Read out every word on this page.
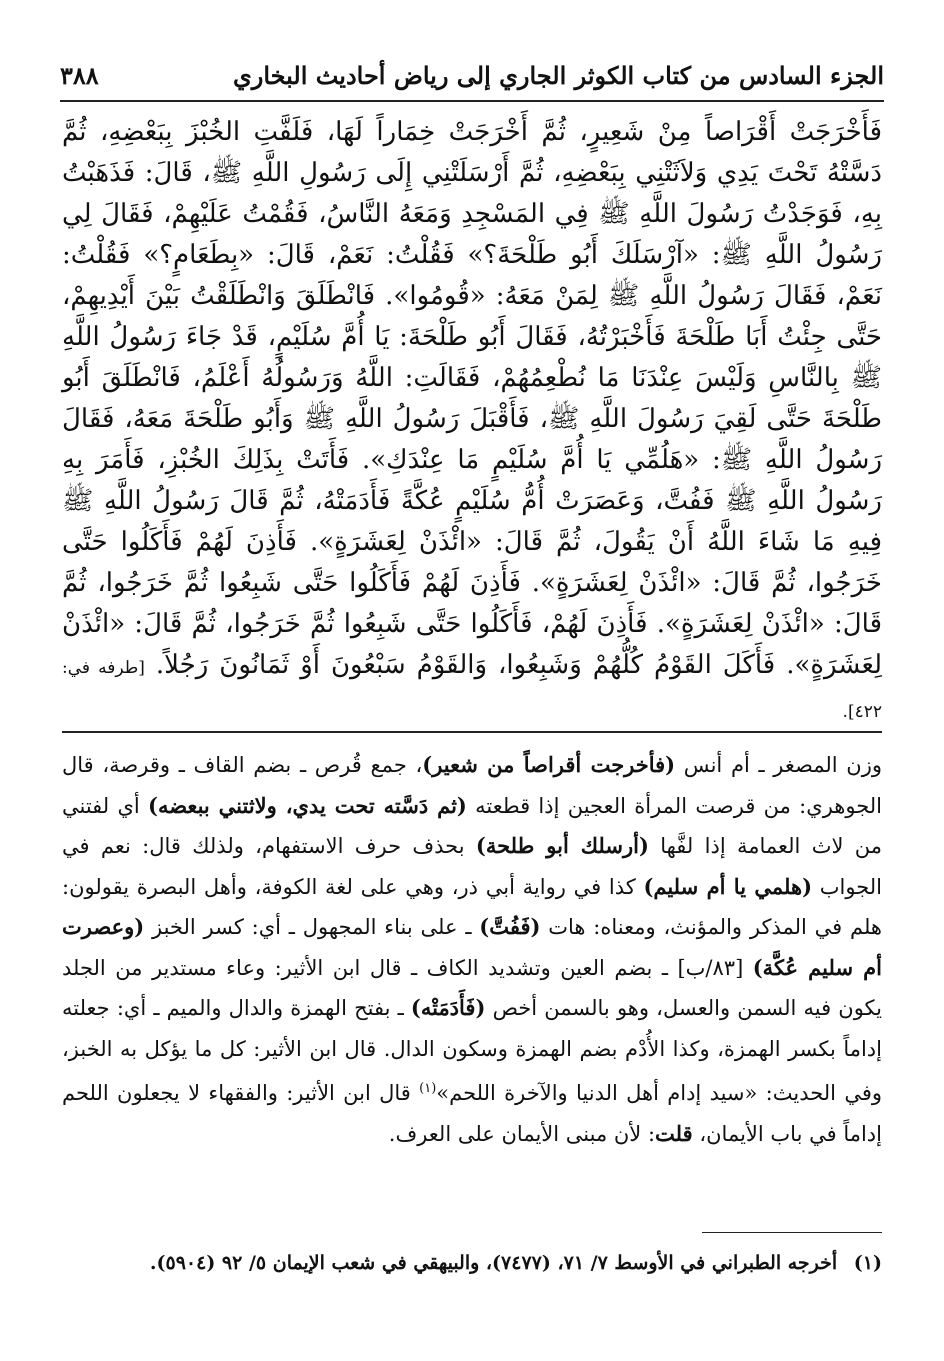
الجزء السادس من كتاب الكوثر الجاري إلى رياض أحاديث البخاري
٣٨٨
فَأَخْرَجَتْ أَقْرَاصاً مِنْ شَعِيرٍ، ثُمَّ أَخْرَجَتْ خِمَاراً لَهَا، فَلَفَّتِ الخُبْزَ بِبَعْضِهِ، ثُمَّ دَسَّتْهُ تَحْتَ يَدِي وَلاَثَتْنِي بِبَعْضِهِ، ثُمَّ أَرْسَلَتْنِي إِلَى رَسُولِ اللَّهِ ﷺ، قَالَ: فَذَهَبْتُ بِهِ، فَوَجَدْتُ رَسُولَ اللَّهِ ﷺ فِي المَسْجِدِ وَمَعَهُ النَّاسُ، فَقُمْتُ عَلَيْهِمْ، فَقَالَ لِي رَسُولُ اللَّهِ ﷺ: «آرْسَلَكَ أَبُو طَلْحَةَ؟» فَقُلْتُ: نَعَمْ، قَالَ: «بِطَعَامٍ؟» فَقُلْتُ: نَعَمْ، فَقَالَ رَسُولُ اللَّهِ ﷺ لِمَنْ مَعَهُ: «قُومُوا». فَانْطَلَقَ وَانْطَلَقْتُ بَيْنَ أَيْدِيهِمْ، حَتَّى جِئْتُ أَبَا طَلْحَةَ فَأَخْبَرْتُهُ، فَقَالَ أَبُو طَلْحَةَ: يَا أُمَّ سُلَيْمٍ، قَدْ جَاءَ رَسُولُ اللَّهِ ﷺ بِالنَّاسِ وَلَيْسَ عِنْدَنَا مَا نُطْعِمُهُمْ، فَقَالَتِ: اللَّهُ وَرَسُولُهُ أَعْلَمُ، فَانْطَلَقَ أَبُو طَلْحَةَ حَتَّى لَقِيَ رَسُولَ اللَّهِ ﷺ، فَأَقْبَلَ رَسُولُ اللَّهِ ﷺ وَأَبُو طَلْحَةَ مَعَهُ، فَقَالَ رَسُولُ اللَّهِ ﷺ: «هَلُمِّي يَا أُمَّ سُلَيْمٍ مَا عِنْدَكِ». فَأَتَتْ بِذَلِكَ الخُبْزِ، فَأَمَرَ بِهِ رَسُولُ اللَّهِ ﷺ فَفُتَّ، وَعَصَرَتْ أُمُّ سُلَيْمٍ عُكَّةً فَأَدَمَتْهُ، ثُمَّ قَالَ رَسُولُ اللَّهِ ﷺ فِيهِ مَا شَاءَ اللَّهُ أَنْ يَقُولَ، ثُمَّ قَالَ: «ائْذَنْ لِعَشَرَةٍ». فَأَذِنَ لَهُمْ فَأَكَلُوا حَتَّى خَرَجُوا، ثُمَّ قَالَ: «ائْذَنْ لِعَشَرَةٍ». فَأَذِنَ لَهُمْ فَأَكَلُوا حَتَّى شَبِعُوا ثُمَّ خَرَجُوا، ثُمَّ قَالَ: «ائْذَنْ لِعَشَرَةٍ». فَأَذِنَ لَهُمْ، فَأَكَلُوا حَتَّى شَبِعُوا ثُمَّ خَرَجُوا، ثُمَّ قَالَ: «ائْذَنْ لِعَشَرَةٍ». فَأَكَلَ القَوْمُ كُلُّهُمْ وَشَبِعُوا، وَالقَوْمُ سَبْعُونَ أَوْ ثَمَانُونَ رَجُلاً. [طرفه في: ٤٢٢].
وزن المصغر ـ أم أنس (فأخرجت أقراصاً من شعير)، جمع قُرص ـ بضم القاف ـ وقرصة، قال الجوهري: من قرصت المرأة العجين إذا قطعته (ثم دَسَّته تحت يدي، ولاثتني ببعضه) أي لفتني من لاث العمامة إذا لفَّها (أرسلك أبو طلحة) بحذف حرف الاستفهام، ولذلك قال: نعم في الجواب (هلمي يا أم سليم) كذا في رواية أبي ذر، وهي على لغة الكوفة، وأهل البصرة يقولون: هلم في المذكر والمؤنث، ومعناه: هات (فَفُتَّ) ـ على بناء المجهول ـ أي: كسر الخبز (وعصرت أم سليم عُكَّة) [٨٣/ب] ـ بضم العين وتشديد الكاف ـ قال ابن الأثير: وعاء مستدير من الجلد يكون فيه السمن والعسل، وهو بالسمن أخص (فَأَدَمَتْه) ـ بفتح الهمزة والدال والميم ـ أي: جعلته إداماً بكسر الهمزة، وكذا الأُدْم بضم الهمزة وسكون الدال. قال ابن الأثير: كل ما يؤكل به الخبز، وفي الحديث: «سيد إدام أهل الدنيا والآخرة اللحم»$^{(١)}$ قال ابن الأثير: والفقهاء لا يجعلون اللحم إداماً في باب الأيمان، قلت: لأن مبنى الأيمان على العرف.
(١) أخرجه الطبراني في الأوسط ٧/ ٧١، (٧٤٧٧)، والبيهقي في شعب الإيمان ٥/ ٩٢ (٥٩٠٤).
